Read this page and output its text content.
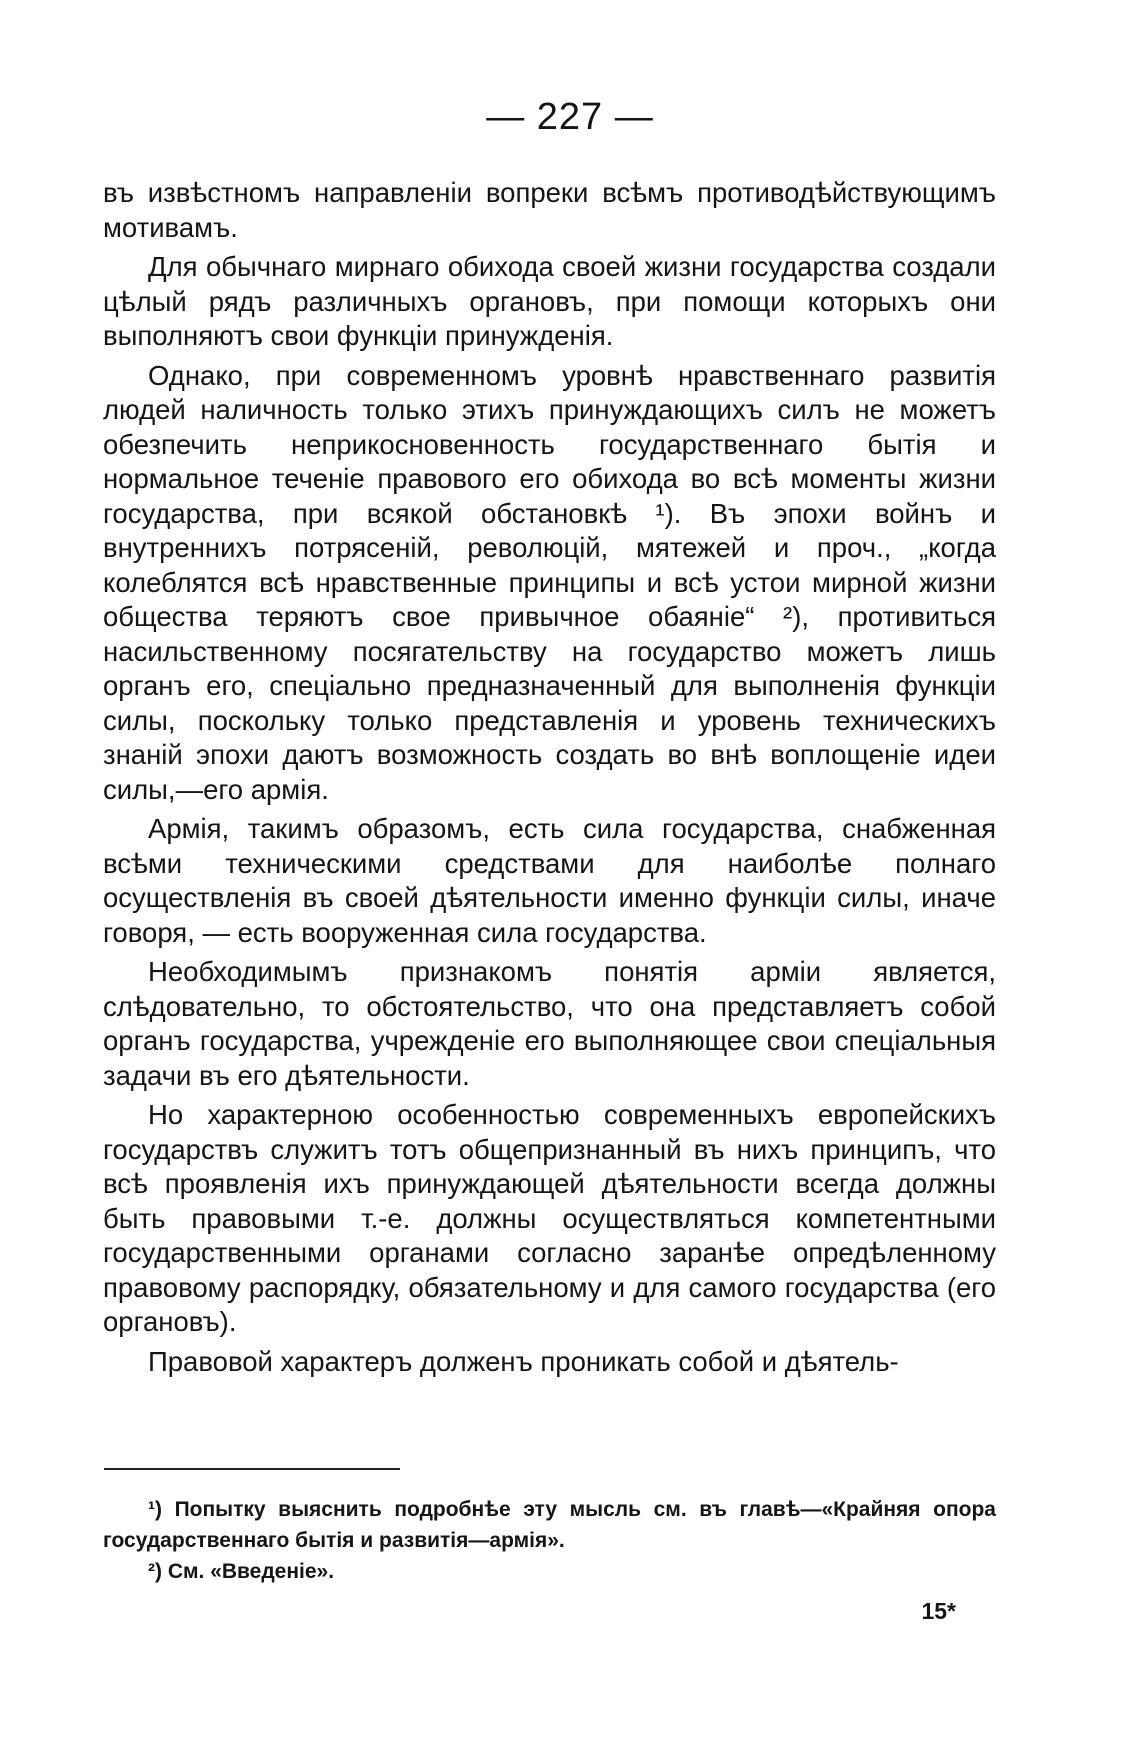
— 227 —

въ извѣстномъ направленіи вопреки всѣмъ противодѣйствующимъ мотивамъ.

Для обычнаго мирнаго обихода своей жизни государства создали цѣлый рядъ различныхъ органовъ, при помощи которыхъ они выполняютъ свои функціи принужденія.

Однако, при современномъ уровнѣ нравственнаго развитія людей наличность только этихъ принуждающихъ силъ не можетъ обезпечить неприкосновенность государственнаго бытія и нормальное теченіе правового его обихода во всѣ моменты жизни государства, при всякой обстановкѣ ¹). Въ эпохи войнъ и внутреннихъ потрясеній, революцій, мятежей и проч., „когда колеблятся всѣ нравственные принципы и всѣ устои мирной жизни общества теряютъ свое привычное обаяніе“ ²), противиться насильственному посягательству на государство можетъ лишь органъ его, спеціально предназначенный для выполненія функціи силы, поскольку только представленія и уровень техническихъ знаній эпохи даютъ возможность создать во внѣ воплощеніе идеи силы,—его армія.

Армія, такимъ образомъ, есть сила государства, снабженная всѣми техническими средствами для наиболѣе полнаго осуществленія въ своей дѣятельности именно функціи силы, иначе говоря, — есть вооруженная сила государства.

Необходимымъ признакомъ понятія арміи является, слѣдовательно, то обстоятельство, что она представляетъ собой органъ государства, учрежденіе его выполняющее свои спеціальныя задачи въ его дѣятельности.

Но характерною особенностью современныхъ европейскихъ государствъ служитъ тотъ общепризнанный въ нихъ принципъ, что всѣ проявленія ихъ принуждающей дѣятельности всегда должны быть правовыми т.-е. должны осуществляться компетентными государственными органами согласно заранѣе опредѣленному правовому распорядку, обязательному и для самого государства (его органовъ).

Правовой характеръ долженъ проникать собой и дѣятель-

¹) Попытку выяснить подробнѣе эту мысль см. въ главѣ—«Крайняя опора государственнаго бытія и развитія—армія».

²) См. «Введеніе».

15*
